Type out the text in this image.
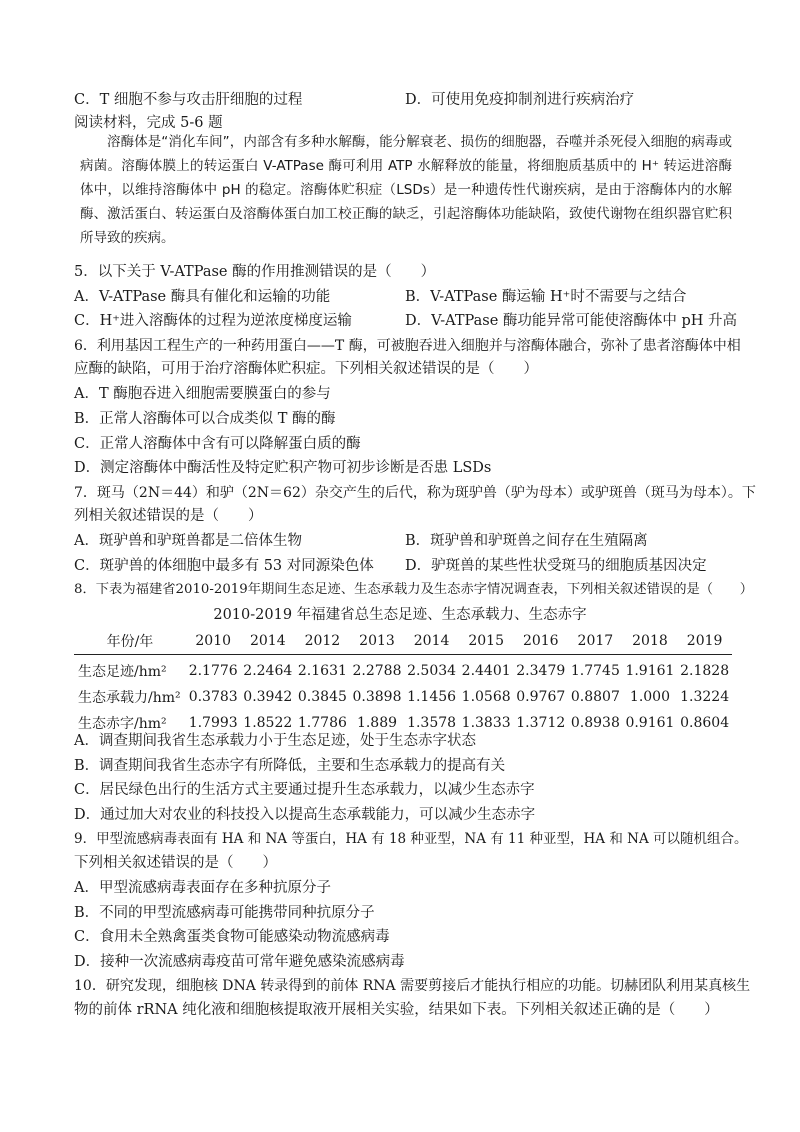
C．T 细胞不参与攻击肝细胞的过程	D．可使用免疫抑制剂进行疾病治疗
阅读材料，完成 5-6 题

溶酶体是“消化车间”，内部含有多种水解酶，能分解衰老、损伤的细胞器，吞噬并杀死侵入细胞的病毒或病菌。溶酶体膜上的转运蛋白 V-ATPase 酶可利用 ATP 水解释放的能量，将细胞质基质中的 H⁺ 转运进溶酶体中，以维持溶酶体中 pH 的稳定。溶酶体贮积症（LSDs）是一种遗传性代谢疾病，是由于溶酶体内的水解酶、激活蛋白、转运蛋白及溶酶体蛋白加工校正酶的缺乏，引起溶酶体功能缺陷，致使代谢物在组织器官贮积所导致的疾病。

5．以下关于 V-ATPase 酶的作用推测错误的是（　　）
A．V-ATPase 酶具有催化和运输的功能	B．V-ATPase 酶运输 H⁺时不需要与之结合
C．H⁺进入溶酶体的过程为逆浓度梯度运输	D．V-ATPase 酶功能异常可能使溶酶体中 pH 升高
6．利用基因工程生产的一种药用蛋白——T 酶，可被胞吞进入细胞并与溶酶体融合，弥补了患者溶酶体中相
应酶的缺陷，可用于治疗溶酶体贮积症。下列相关叙述错误的是（　　）
A．T 酶胞吞进入细胞需要膜蛋白的参与
B．正常人溶酶体可以合成类似 T 酶的酶
C．正常人溶酶体中含有可以降解蛋白质的酶
D．测定溶酶体中酶活性及特定贮积产物可初步诊断是否患 LSDs
7．斑马（2N＝44）和驴（2N＝62）杂交产生的后代，称为斑驴兽（驴为母本）或驴斑兽（斑马为母本）。下
列相关叙述错误的是（　　）
A．斑驴兽和驴斑兽都是二倍体生物	B．斑驴兽和驴斑兽之间存在生殖隔离
C．斑驴兽的体细胞中最多有 53 对同源染色体 D．驴斑兽的某些性状受斑马的细胞质基因决定
8．下表为福建省2010-2019年期间生态足迹、生态承载力及生态赤字情况调查表，下列相关叙述错误的是（　　）
2010-2019 年福建省总生态足迹、生态承载力、生态赤字
年份/年	2010	2014	2012	2013	2014	2015	2016	2017	2018	2019
生态足迹/hm²	2.1776	2.2464	2.1631	2.2788	2.5034	2.4401	2.3479	1.7745	1.9161	2.1828
生态承载力/hm²	0.3783	0.3942	0.3845	0.3898	1.1456	1.0568	0.9767	0.8807	1.000	1.3224
生态赤字/hm²	1.7993	1.8522	1.7786	1.889	1.3578	1.3833	1.3712	0.8938	0.9161	0.8604
A．调查期间我省生态承载力小于生态足迹，处于生态赤字状态
B．调查期间我省生态赤字有所降低，主要和生态承载力的提高有关
C．居民绿色出行的生活方式主要通过提升生态承载力，以减少生态赤字
D．通过加大对农业的科技投入以提高生态承载能力，可以减少生态赤字
9．甲型流感病毒表面有 HA 和 NA 等蛋白，HA 有 18 种亚型，NA 有 11 种亚型，HA 和 NA 可以随机组合。
下列相关叙述错误的是（　　）
A．甲型流感病毒表面存在多种抗原分子
B．不同的甲型流感病毒可能携带同种抗原分子
C．食用未全熟禽蛋类食物可能感染动物流感病毒
D．接种一次流感病毒疫苗可常年避免感染流感病毒
10．研究发现，细胞核 DNA 转录得到的前体 RNA 需要剪接后才能执行相应的功能。切赫团队利用某真核生
物的前体 rRNA 纯化液和细胞核提取液开展相关实验，结果如下表。下列相关叙述正确的是（　　）
